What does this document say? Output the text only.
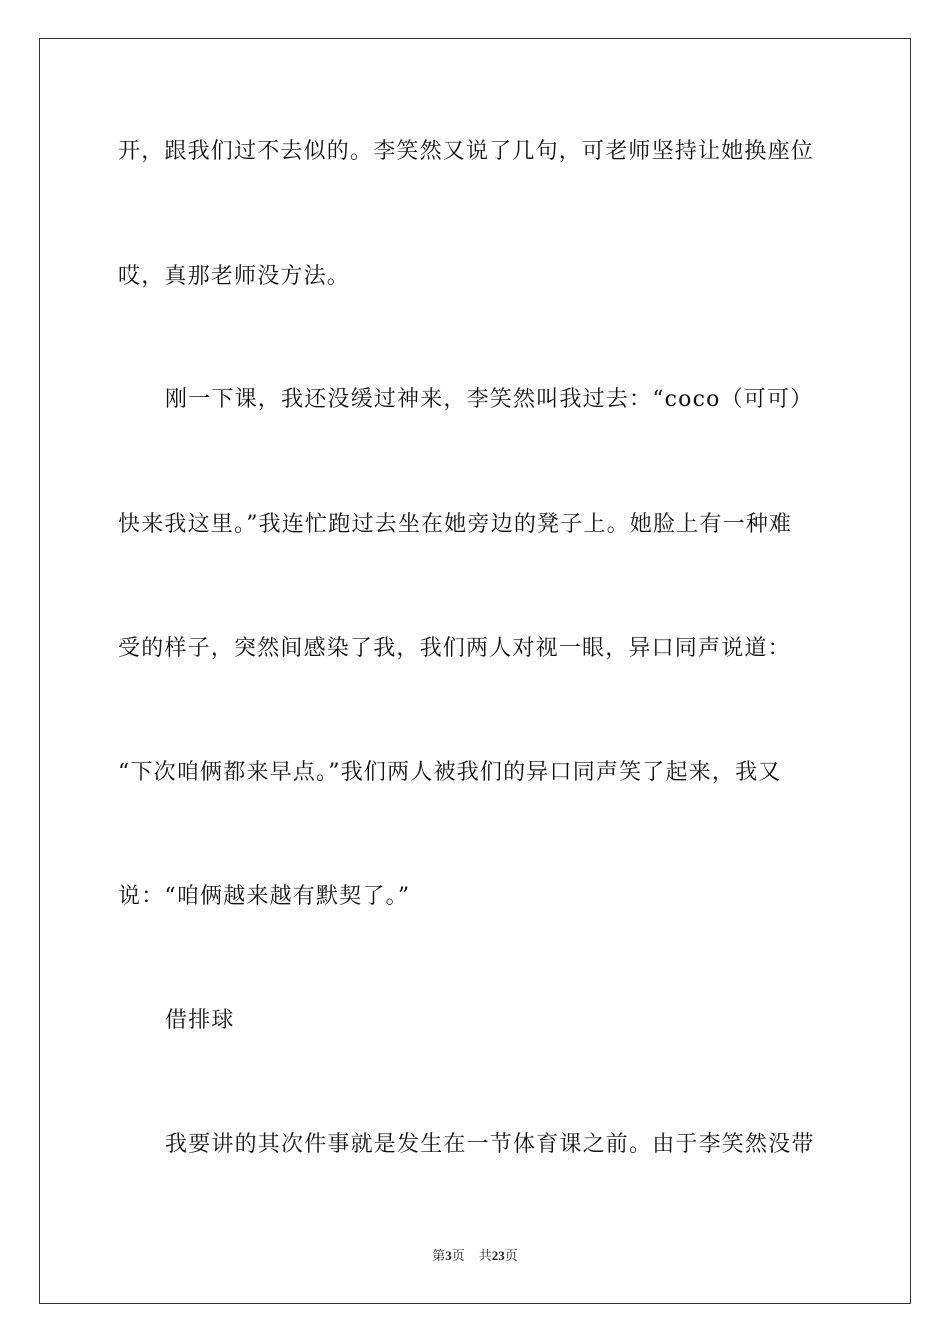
开，跟我们过不去似的。李笑然又说了几句，可老师坚持让她换座位
哎，真那老师没方法。
刚一下课，我还没缓过神来，李笑然叫我过去：“coco（可可）
快来我这里。”我连忙跑过去坐在她旁边的凳子上。她脸上有一种难
受的样子，突然间感染了我，我们两人对视一眼，异口同声说道：
“下次咱俩都来早点。”我们两人被我们的异口同声笑了起来，我又
说：“咱俩越来越有默契了。”
借排球
我要讲的其次件事就是发生在一节体育课之前。由于李笑然没带
第3页 共23页
